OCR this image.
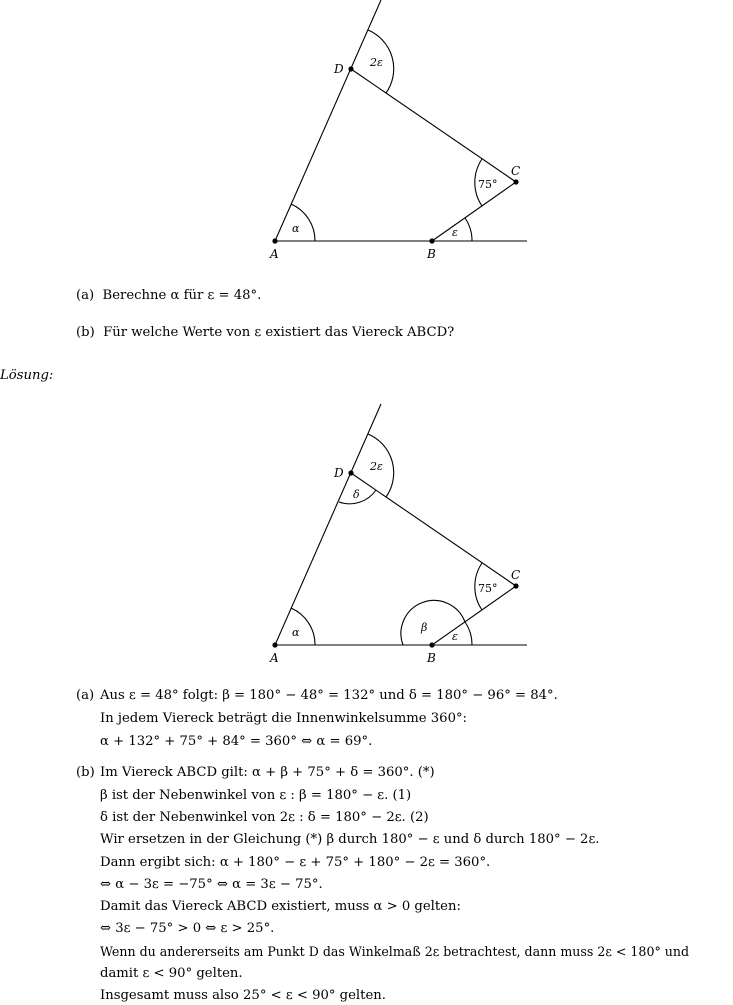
A	B
C
D 2ε
75°
α	ε
(a) Berechne α für ε = 48°.
(b) Für welche Werte von ε existiert das Viereck ABCD?
Lösung:
A	B
C
D 2ε
δ
75°
α	β
ε
(a) Aus ε = 48° folgt: β = 180° − 48° = 132° und δ = 180° − 96° = 84°.
In jedem Viereck beträgt die Innenwinkelsumme 360°:
α + 132° + 75° + 84° = 360° ⇔ α = 69°.
(b) Im Viereck ABCD gilt: α + β + 75° + δ = 360°. (*)
β ist der Nebenwinkel von ε : β = 180° − ε. (1)
δ ist der Nebenwinkel von 2ε : δ = 180° − 2ε. (2)
Wir ersetzen in der Gleichung (*) β durch 180° − ε und δ durch 180° − 2ε.
Dann ergibt sich: α + 180° − ε + 75° + 180° − 2ε = 360°.
⇔ α − 3ε = −75° ⇔ α = 3ε − 75°.
Damit das Viereck ABCD existiert, muss α > 0 gelten:
⇔ 3ε − 75° > 0 ⇔ ε > 25°.
Wenn du andererseits am Punkt D das Winkelmaß 2ε betrachtest, dann muss 2ε < 180° und
damit ε < 90° gelten.
Insgesamt muss also 25° < ε < 90° gelten.
